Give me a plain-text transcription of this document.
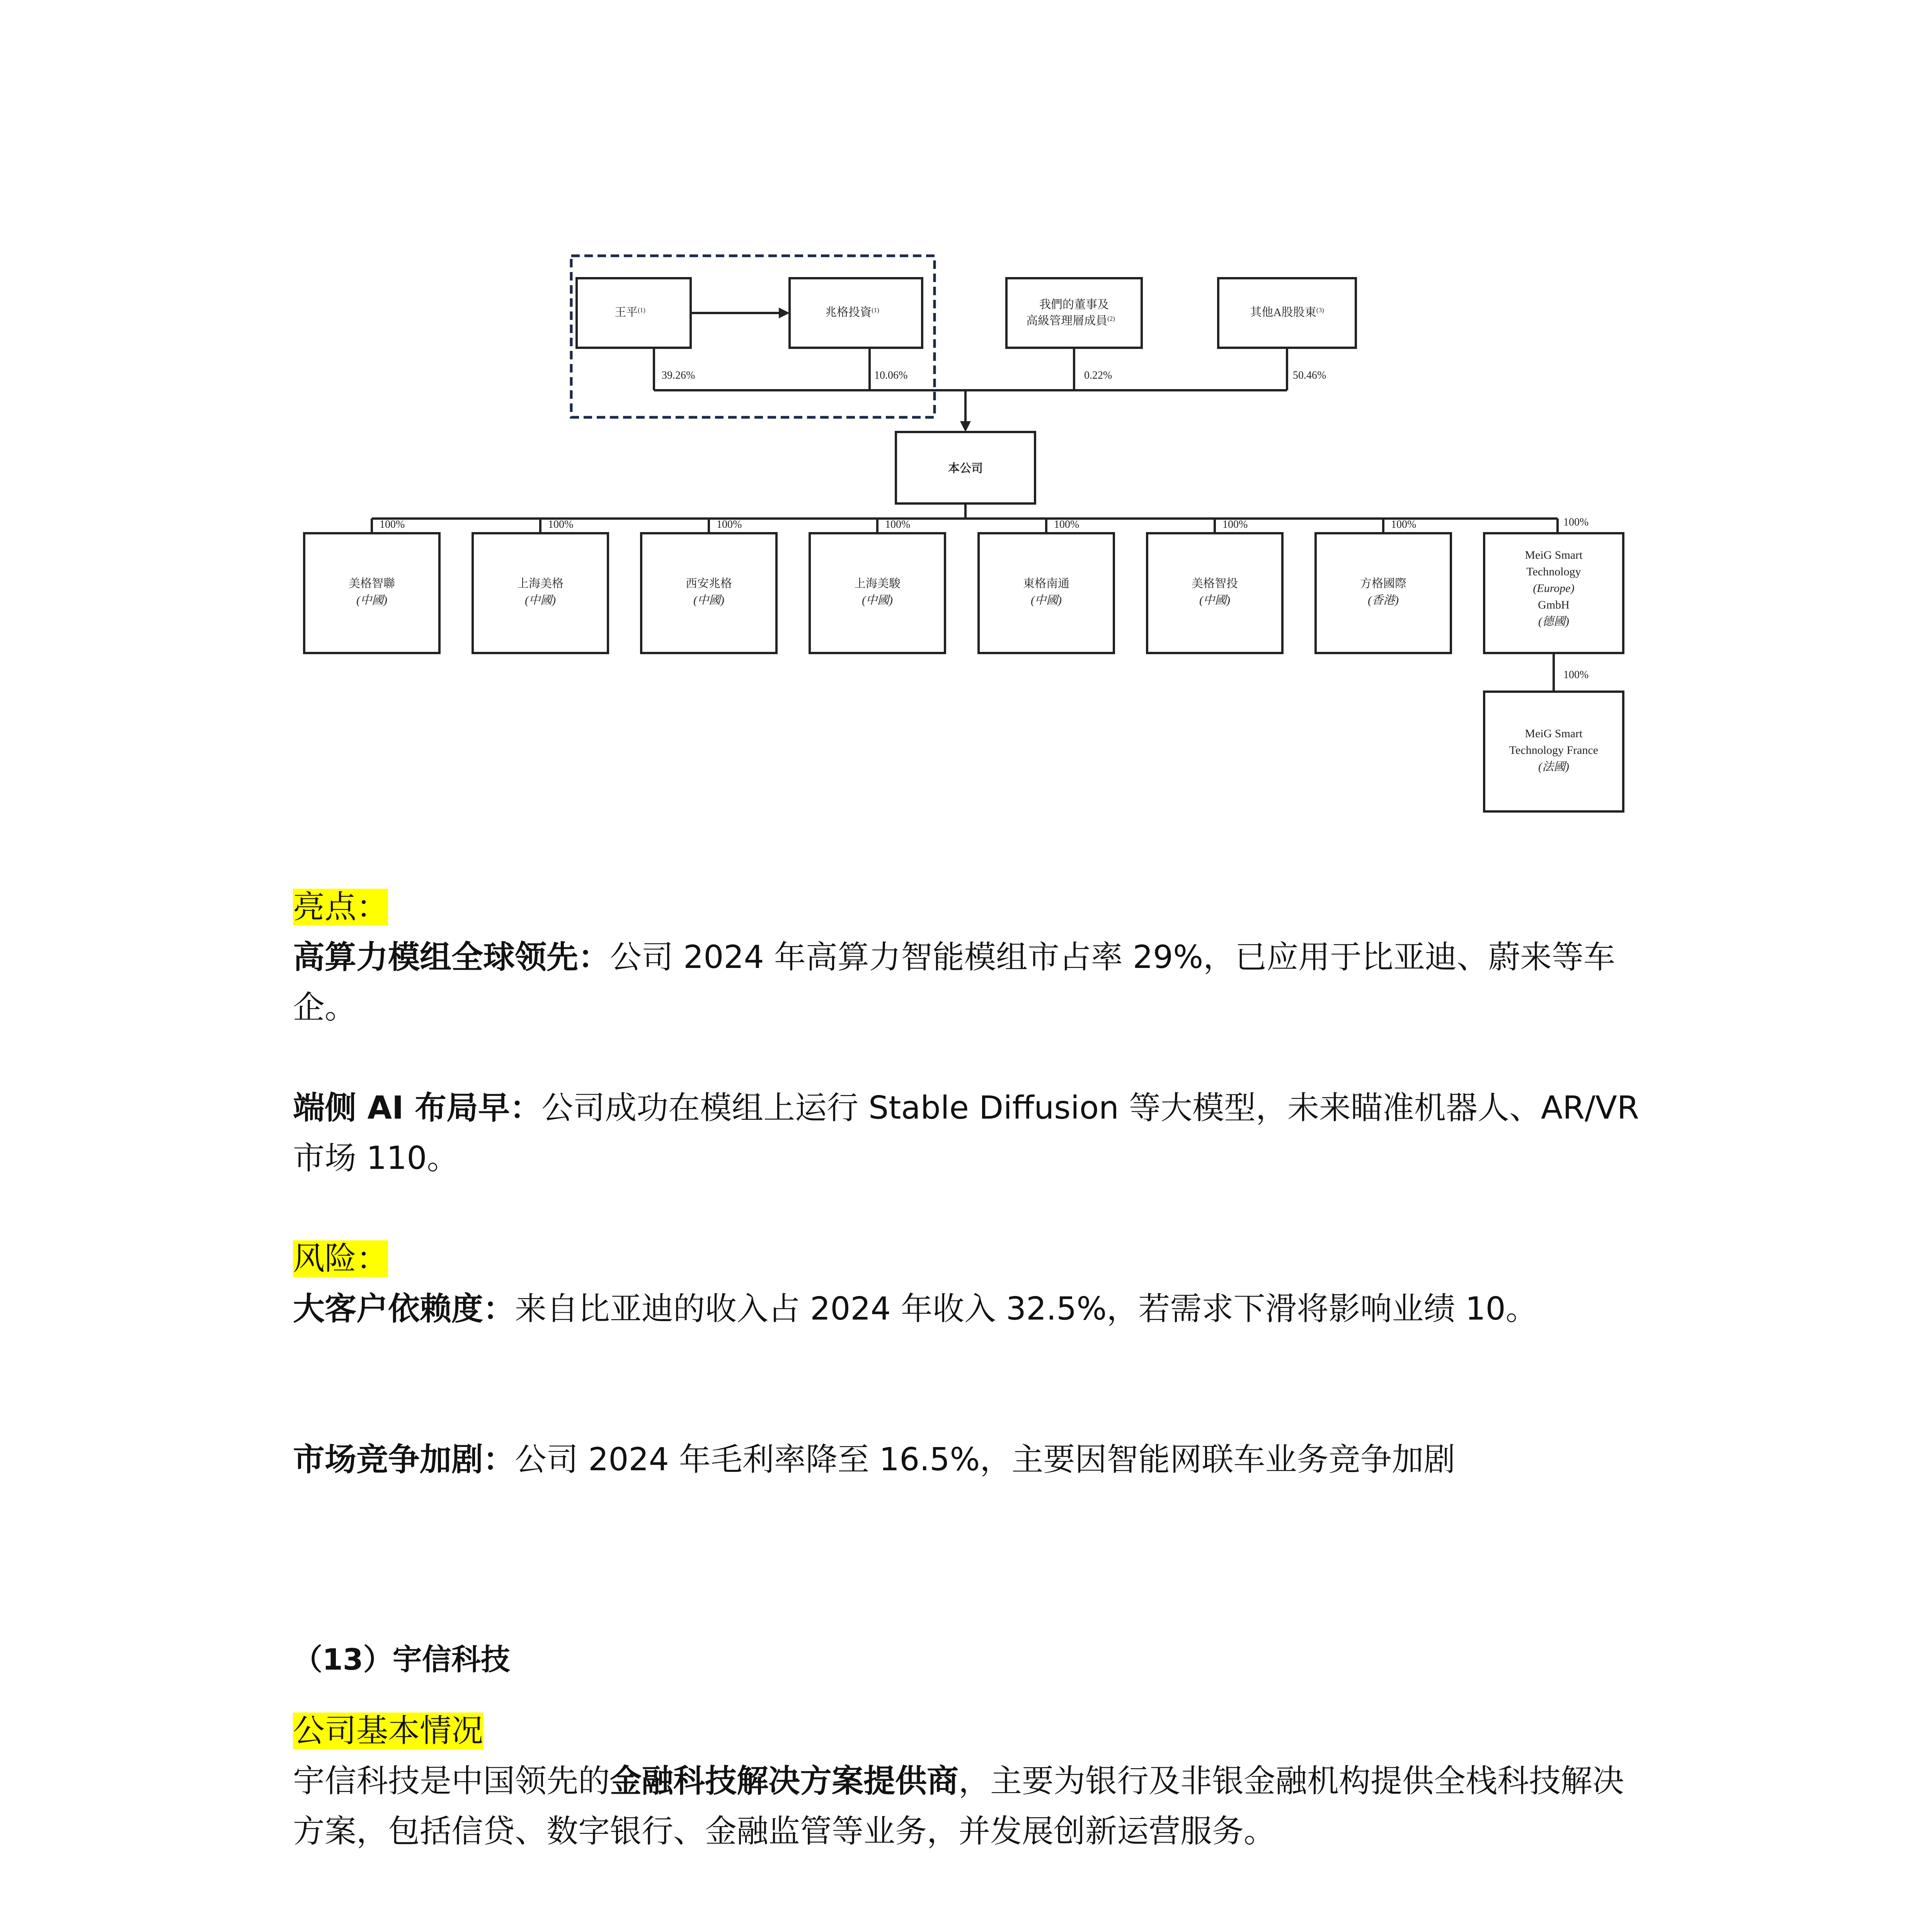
王平$^{(1)}$	兆格投資$^{(1)}$	我們的董事及
高級管理層成員$^{(2)}$	其他A股股東$^{(3)}$
39.26%	10.06%	0.22%	50.46%
本公司
100%	100%	100%	100%	100%	100%	100%	100%
美格智聯
(中國)
上海美格
(中國)
西安兆格
(中國)
上海美駿
(中國)
東格南通
(中國)
美格智投
(中國)
方格國際
(香港)
MeiG Smart
Technology
(Europe)
GmbH
(德國)
100%
MeiG Smart
Technology France
(法國)

亮点：

高算力模组全球领先：公司 2024 年高算力智能模组市占率 29%，已应用于比亚迪、蔚来等车企。

端侧 AI 布局早：公司成功在模组上运行 Stable Diffusion 等大模型，未来瞄准机器人、AR/VR 市场 110。

风险：

大客户依赖度：来自比亚迪的收入占 2024 年收入 32.5%，若需求下滑将影响业绩 10。

市场竞争加剧：公司 2024 年毛利率降至 16.5%，主要因智能网联车业务竞争加剧

（13）宇信科技

公司基本情况

宇信科技是中国领先的金融科技解决方案提供商，主要为银行及非银金融机构提供全栈科技解决方案，包括信贷、数字银行、金融监管等业务，并发展创新运营服务。
